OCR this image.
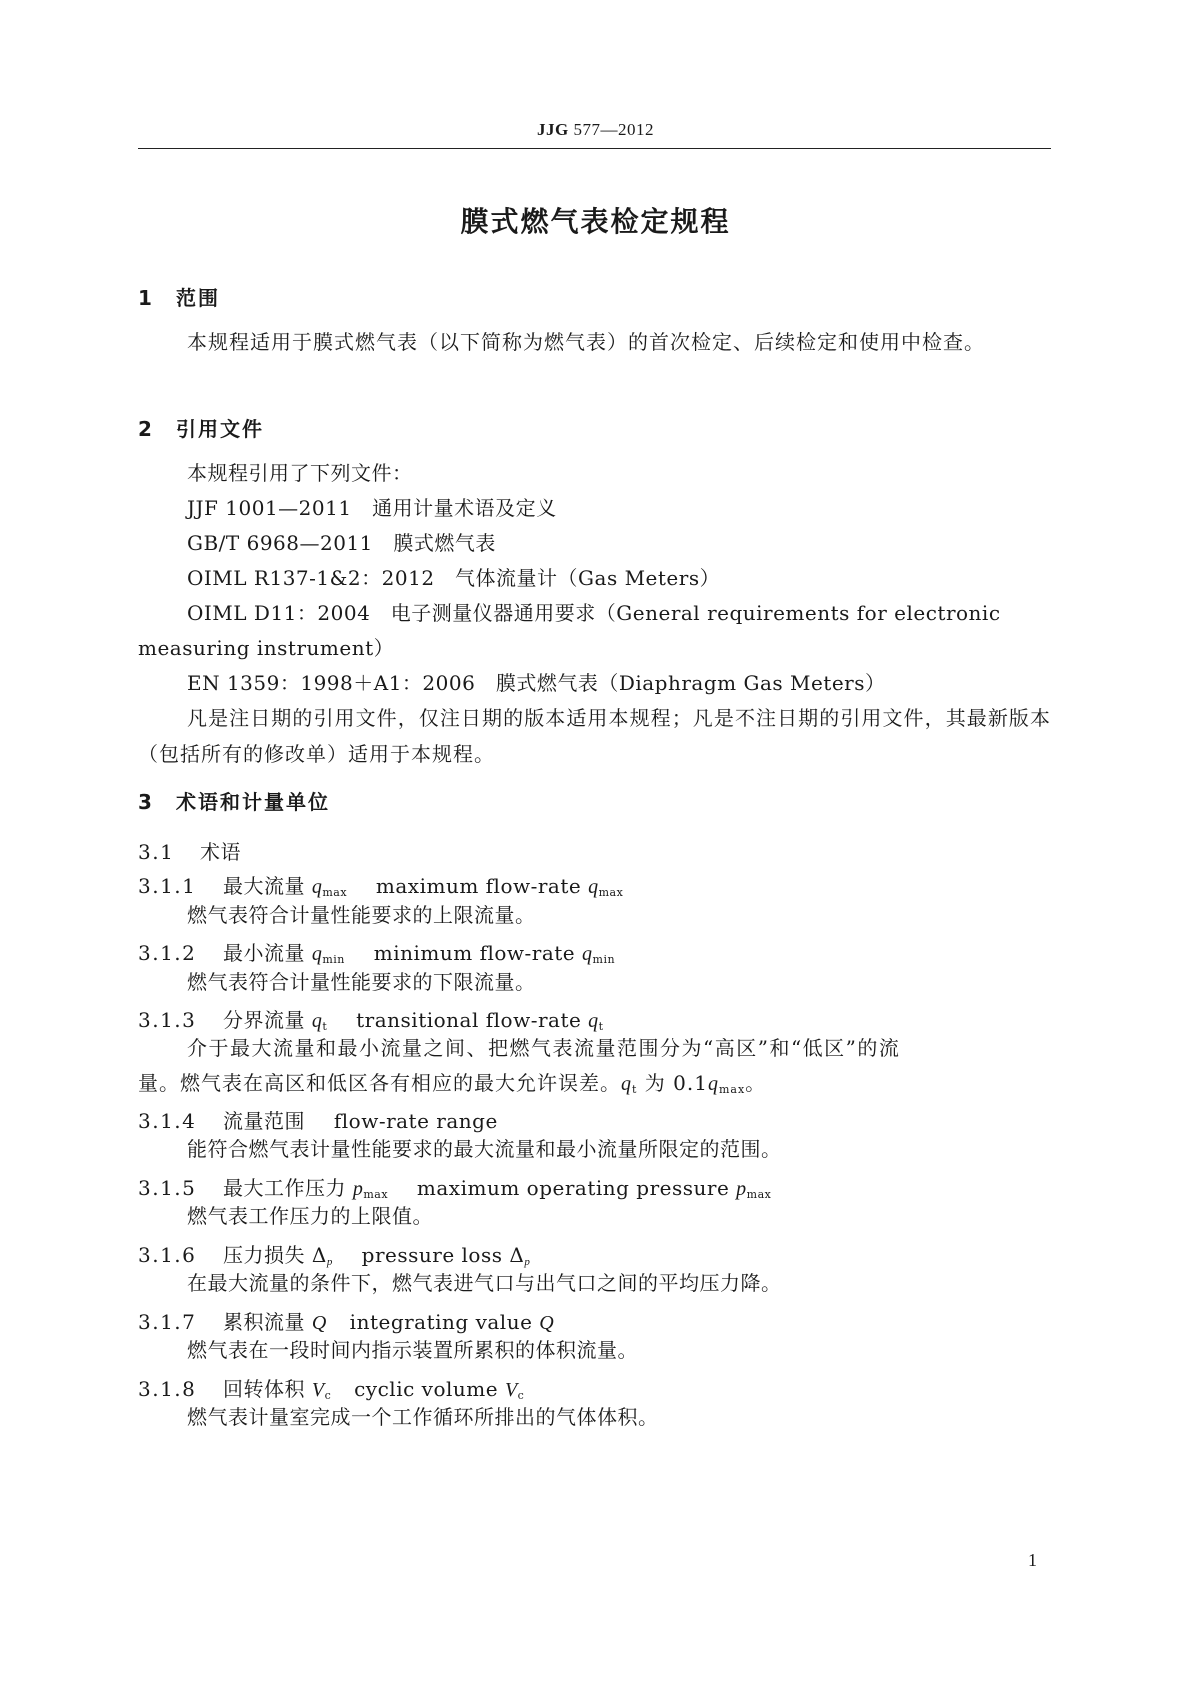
JJG 577—2012
膜式燃气表检定规程
1 范围
本规程适用于膜式燃气表（以下简称为燃气表）的首次检定、后续检定和使用中检查。
2 引用文件
本规程引用了下列文件：
JJF 1001—2011　通用计量术语及定义
GB/T 6968—2011　膜式燃气表
OIML R137-1&2：2012　气体流量计（Gas Meters）
OIML D11：2004　电子测量仪器通用要求（General requirements for electronic
measuring instrument）
EN 1359：1998＋A1：2006　膜式燃气表（Diaphragm Gas Meters）
凡是注日期的引用文件，仅注日期的版本适用本规程；凡是不注日期的引用文件，其最新版本（包括所有的修改单）适用于本规程。
3 术语和计量单位
3.1 术语
3.1.1 最大流量 $q_{max}$ maximum flow-rate $q_{max}$
燃气表符合计量性能要求的上限流量。
3.1.2 最小流量 $q_{min}$ minimum flow-rate $q_{min}$
燃气表符合计量性能要求的下限流量。
3.1.3 分界流量 $q_t$ transitional flow-rate $q_t$
介于最大流量和最小流量之间、把燃气表流量范围分为“高区”和“低区”的流
量。燃气表在高区和低区各有相应的最大允许误差。$q_t$ 为 $0.1q_{max}$。
3.1.4 流量范围 flow-rate range
能符合燃气表计量性能要求的最大流量和最小流量所限定的范围。
3.1.5 最大工作压力 $p_{max}$ maximum operating pressure $p_{max}$
燃气表工作压力的上限值。
3.1.6 压力损失 $\Delta_p$ pressure loss $\Delta_p$
在最大流量的条件下，燃气表进气口与出气口之间的平均压力降。
3.1.7 累积流量 Q integrating value Q
燃气表在一段时间内指示装置所累积的体积流量。
3.1.8 回转体积 $V_c$ cyclic volume $V_c$
燃气表计量室完成一个工作循环所排出的气体体积。
1
